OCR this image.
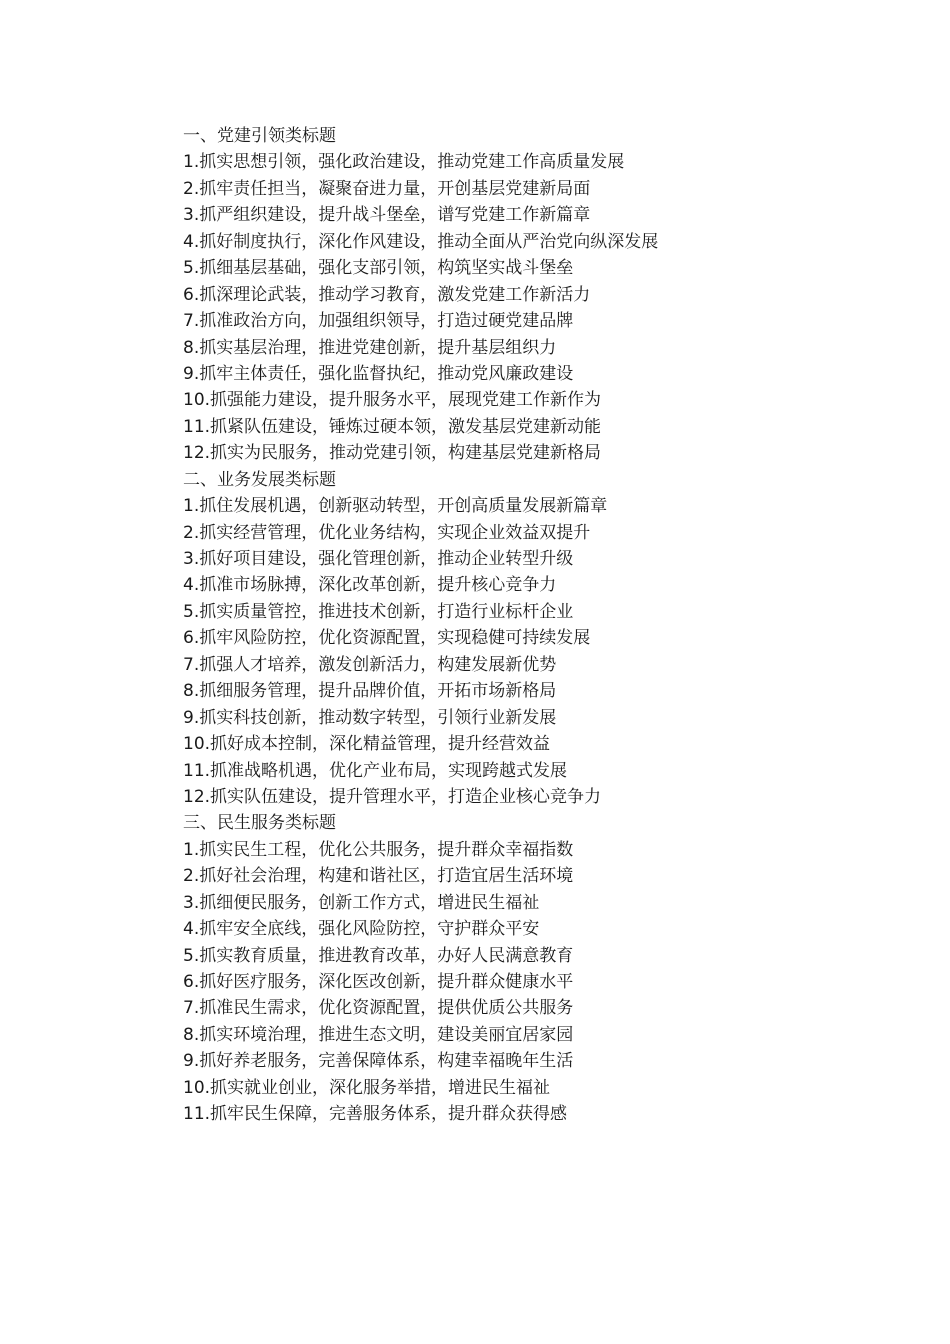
一、党建引领类标题

1.抓实思想引领，强化政治建设，推动党建工作高质量发展

2.抓牢责任担当，凝聚奋进力量，开创基层党建新局面

3.抓严组织建设，提升战斗堡垒，谱写党建工作新篇章

4.抓好制度执行，深化作风建设，推动全面从严治党向纵深发展

5.抓细基层基础，强化支部引领，构筑坚实战斗堡垒

6.抓深理论武装，推动学习教育，激发党建工作新活力

7.抓准政治方向，加强组织领导，打造过硬党建品牌

8.抓实基层治理，推进党建创新，提升基层组织力

9.抓牢主体责任，强化监督执纪，推动党风廉政建设

10.抓强能力建设，提升服务水平，展现党建工作新作为

11.抓紧队伍建设，锤炼过硬本领，激发基层党建新动能

12.抓实为民服务，推动党建引领，构建基层党建新格局

二、业务发展类标题

1.抓住发展机遇，创新驱动转型，开创高质量发展新篇章

2.抓实经营管理，优化业务结构，实现企业效益双提升

3.抓好项目建设，强化管理创新，推动企业转型升级

4.抓准市场脉搏，深化改革创新，提升核心竞争力

5.抓实质量管控，推进技术创新，打造行业标杆企业

6.抓牢风险防控，优化资源配置，实现稳健可持续发展

7.抓强人才培养，激发创新活力，构建发展新优势

8.抓细服务管理，提升品牌价值，开拓市场新格局

9.抓实科技创新，推动数字转型，引领行业新发展

10.抓好成本控制，深化精益管理，提升经营效益

11.抓准战略机遇，优化产业布局，实现跨越式发展

12.抓实队伍建设，提升管理水平，打造企业核心竞争力

三、民生服务类标题

1.抓实民生工程，优化公共服务，提升群众幸福指数

2.抓好社会治理，构建和谐社区，打造宜居生活环境

3.抓细便民服务，创新工作方式，增进民生福祉

4.抓牢安全底线，强化风险防控，守护群众平安

5.抓实教育质量，推进教育改革，办好人民满意教育

6.抓好医疗服务，深化医改创新，提升群众健康水平

7.抓准民生需求，优化资源配置，提供优质公共服务

8.抓实环境治理，推进生态文明，建设美丽宜居家园

9.抓好养老服务，完善保障体系，构建幸福晚年生活

10.抓实就业创业，深化服务举措，增进民生福祉

11.抓牢民生保障，完善服务体系，提升群众获得感
